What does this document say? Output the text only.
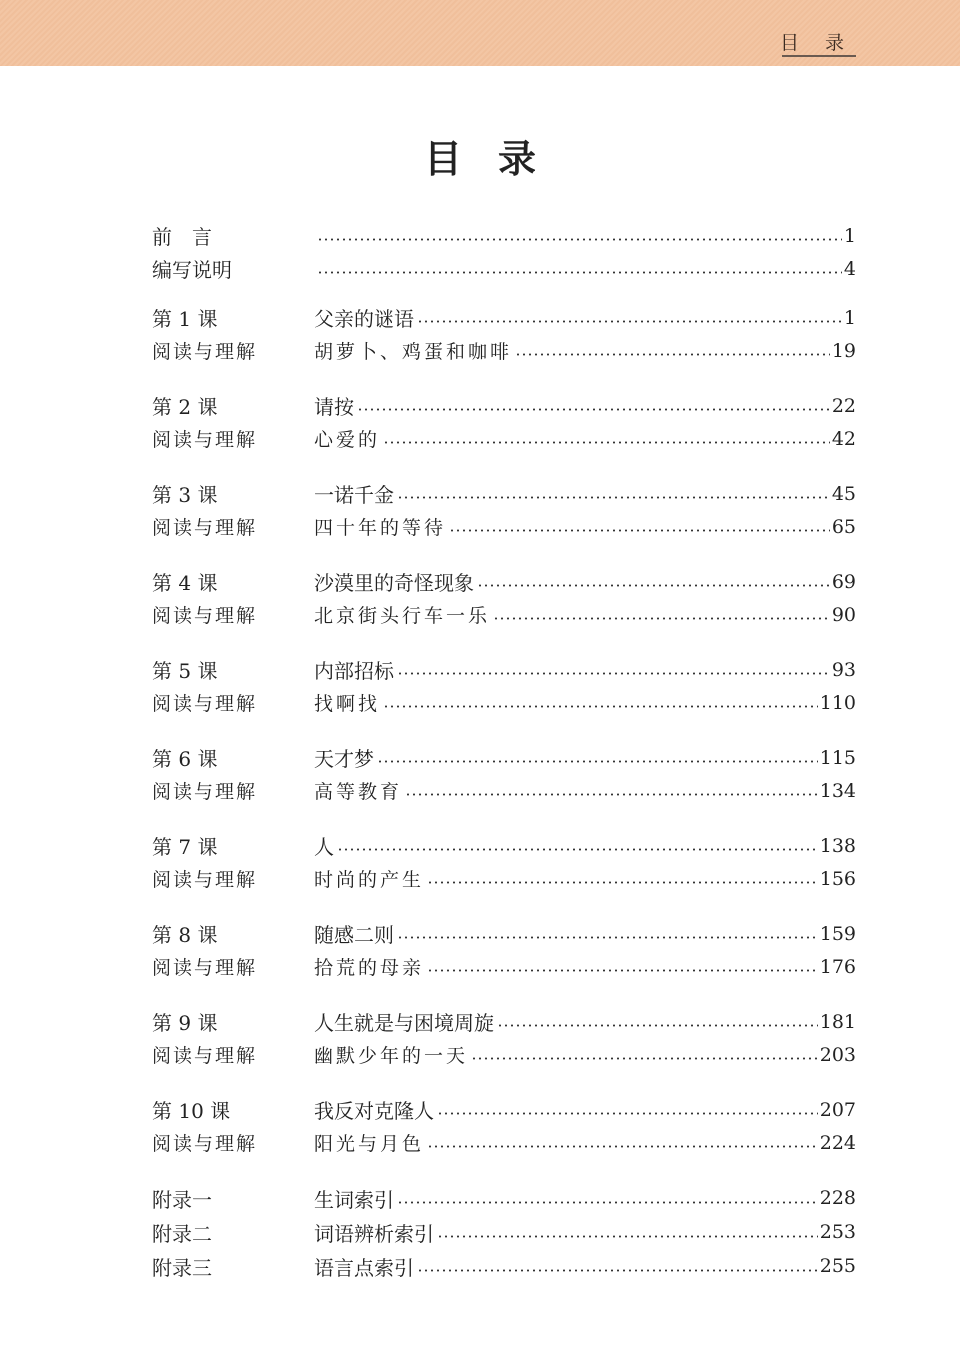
目 录
目录
前　言	1
编写说明	4
第 1 课	父亲的谜语	1
阅读与理解	胡萝卜、鸡蛋和咖啡	19
第 2 课	请按	22
阅读与理解	心爱的	42
第 3 课	一诺千金	45
阅读与理解	四十年的等待	65
第 4 课	沙漠里的奇怪现象	69
阅读与理解	北京街头行车一乐	90
第 5 课	内部招标	93
阅读与理解	找啊找	110
第 6 课	天才梦	115
阅读与理解	高等教育	134
第 7 课	人	138
阅读与理解	时尚的产生	156
第 8 课	随感二则	159
阅读与理解	拾荒的母亲	176
第 9 课	人生就是与困境周旋	181
阅读与理解	幽默少年的一天	203
第 10 课	我反对克隆人	207
阅读与理解	阳光与月色	224
附录一	生词索引	228
附录二	词语辨析索引	253
附录三	语言点索引	255
